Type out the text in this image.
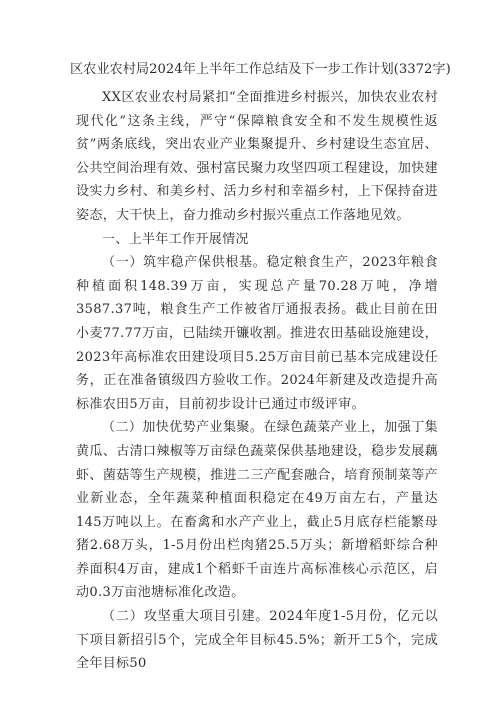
区农业农村局2024年上半年工作总结及下一步工作计划(3372字)

XX区农业农村局紧扣“全面推进乡村振兴，加快农业农村现代化”这条主线，严守“保障粮食安全和不发生规模性返贫”两条底线，突出农业产业集聚提升、乡村建设生态宜居、公共空间治理有效、强村富民聚力攻坚四项工程建设，加快建设实力乡村、和美乡村、活力乡村和幸福乡村，上下保持奋进姿态，大干快上，奋力推动乡村振兴重点工作落地见效。

一、上半年工作开展情况

（一）筑牢稳产保供根基。稳定粮食生产，2023年粮食种植面积148.39万亩，实现总产量70.28万吨，净增3587.37吨，粮食生产工作被省厅通报表扬。截止目前在田小麦77.77万亩，已陆续开镰收割。推进农田基础设施建设，2023年高标准农田建设项目5.25万亩目前已基本完成建设任务，正在准备镇级四方验收工作。2024年新建及改造提升高标准农田5万亩，目前初步设计已通过市级评审。

（二）加快优势产业集聚。在绿色蔬菜产业上，加强丁集黄瓜、古清口辣椒等万亩绿色蔬菜保供基地建设，稳步发展藕虾、菌菇等生产规模，推进二三产配套融合，培育预制菜等产业新业态，全年蔬菜种植面积稳定在49万亩左右，产量达145万吨以上。在畜禽和水产产业上，截止5月底存栏能繁母猪2.68万头，1-5月份出栏肉猪25.5万头；新增稻虾综合种养面积4万亩，建成1个稻虾千亩连片高标准核心示范区，启动0.3万亩池塘标准化改造。

（二）攻坚重大项目引建。2024年度1-5月份，亿元以下项目新招引5个，完成全年目标45.5%；新开工5个，完成全年目标50
